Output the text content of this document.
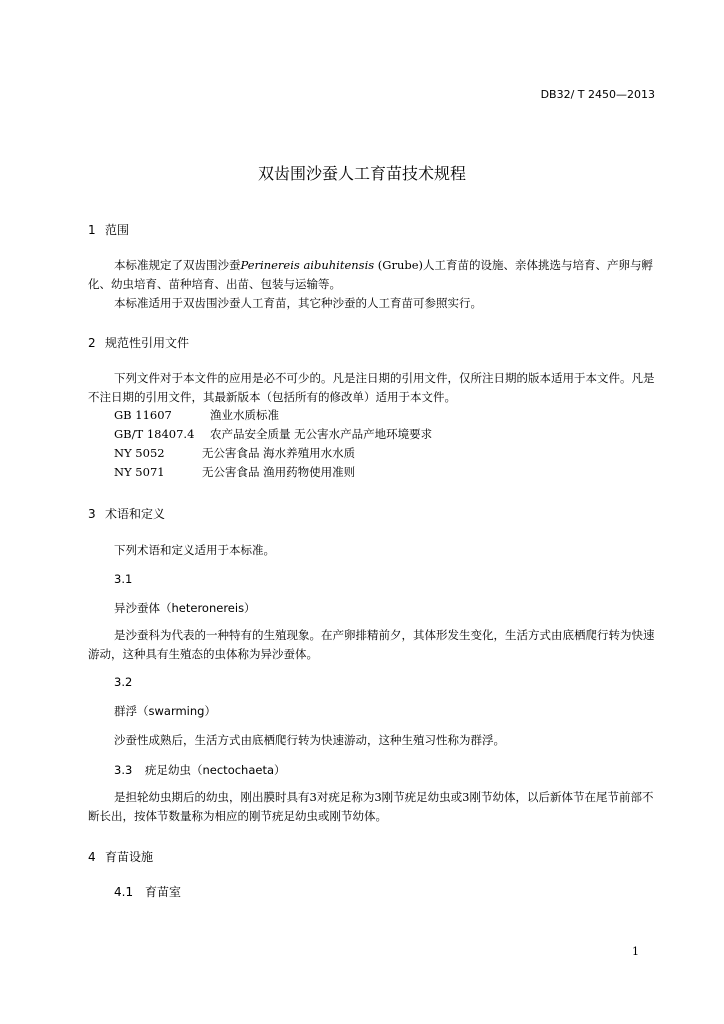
DB32/ T 2450—2013
双齿围沙蚕人工育苗技术规程
1 范围
本标准规定了双齿围沙蚕Perinereis aibuhitensis (Grube)人工育苗的设施、亲体挑选与培育、产卵与孵化、幼虫培育、苗种培育、出苗、包装与运输等。
本标准适用于双齿围沙蚕人工育苗，其它种沙蚕的人工育苗可参照实行。
2 规范性引用文件
下列文件对于本文件的应用是必不可少的。凡是注日期的引用文件，仅所注日期的版本适用于本文件。凡是不注日期的引用文件，其最新版本（包括所有的修改单）适用于本文件。
GB 11607	渔业水质标准
GB/T 18407.4 农产品安全质量 无公害水产品产地环境要求
NY 5052	无公害食品 海水养殖用水水质
NY 5071	无公害食品 渔用药物使用准则
3 术语和定义
下列术语和定义适用于本标准。
3.1
异沙蚕体（heteronereis）
是沙蚕科为代表的一种特有的生殖现象。在产卵排精前夕，其体形发生变化，生活方式由底栖爬行转为快速游动，这种具有生殖态的虫体称为异沙蚕体。
3.2
群浮（swarming）
沙蚕性成熟后，生活方式由底栖爬行转为快速游动，这种生殖习性称为群浮。
3.3 疣足幼虫（nectochaeta）
是担轮幼虫期后的幼虫，刚出膜时具有3对疣足称为3刚节疣足幼虫或3刚节幼体，以后新体节在尾节前部不断长出，按体节数量称为相应的刚节疣足幼虫或刚节幼体。
4 育苗设施
4.1 育苗室
1
